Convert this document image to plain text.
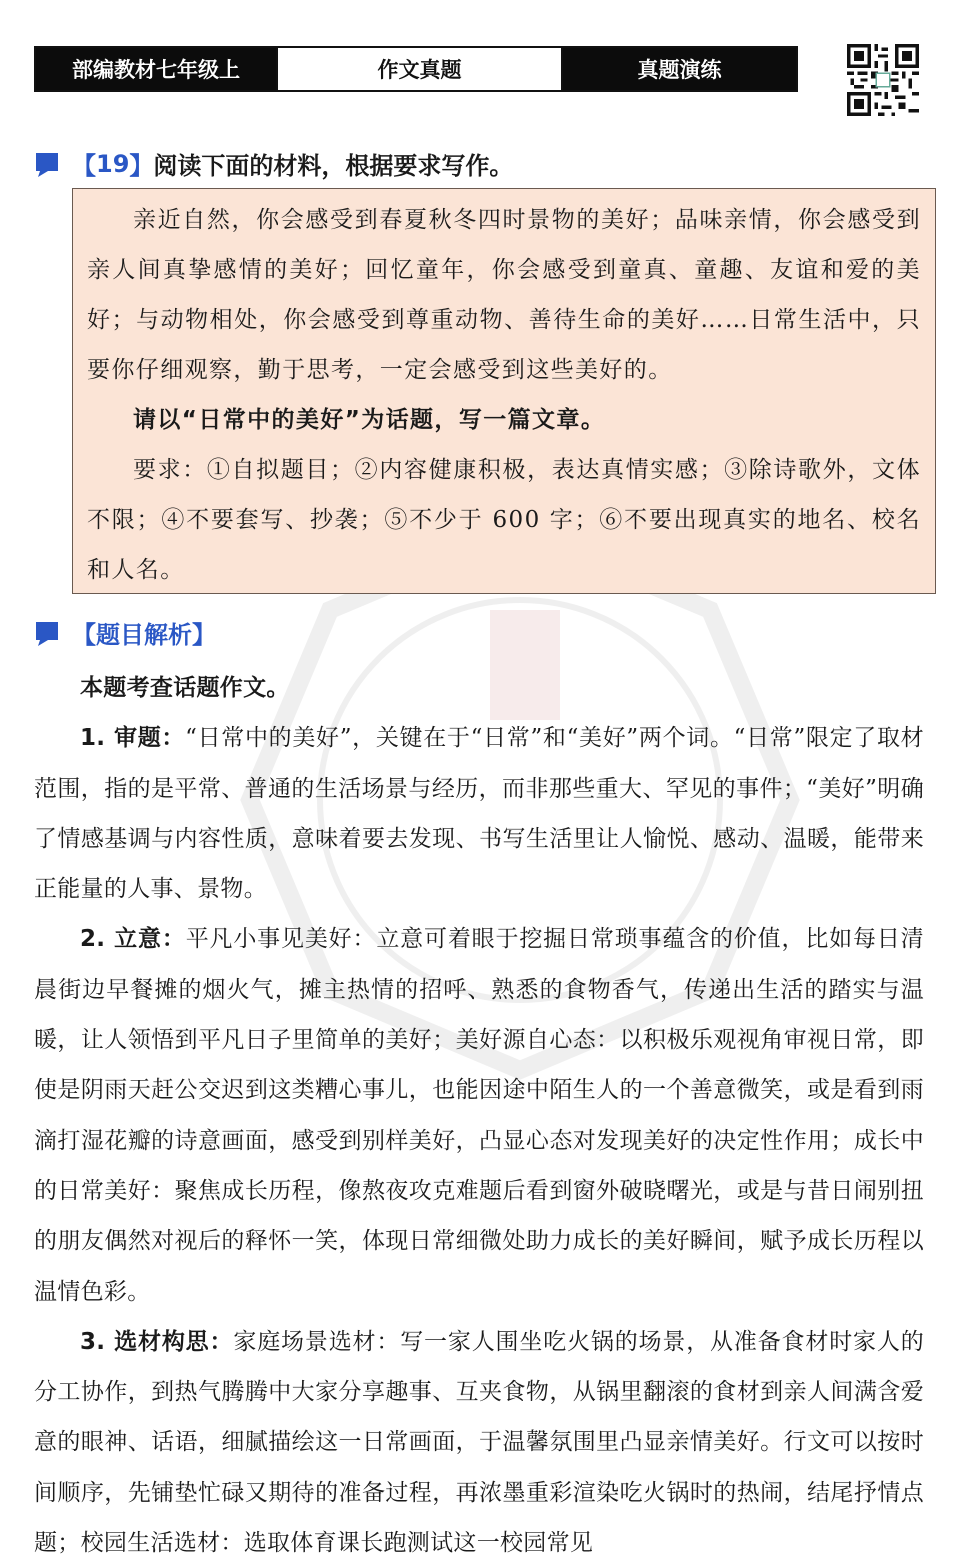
部编教材七年级上	作文真题	真题演练
【 19 】 阅读下面的材料，根据要求写作。

亲近自然，你会感受到春夏秋冬四时景物的美好；品味亲情，你会感受到亲人间真挚感情的美好；回忆童年，你会感受到童真、童趣、友谊和爱的美好；与动物相处，你会感受到尊重动物、善待生命的美好……日常生活中，只要你仔细观察，勤于思考，一定会感受到这些美好的。

请以“日常中的美好”为话题，写一篇文章。

要求：①自拟题目；②内容健康积极，表达真情实感；③除诗歌外，文体不限；④不要套写、抄袭；⑤不少于 600 字；⑥不要出现真实的地名、校名和人名。

【 题目解析 】

本题考查话题作文。

1. 审题：“日常中的美好”，关键在于“日常”和“美好”两个词。“日常”限定了取材范围，指的是平常、普通的生活场景与经历，而非那些重大、罕见的事件；“美好”明确了情感基调与内容性质，意味着要去发现、书写生活里让人愉悦、感动、温暖，能带来正能量的人事、景物。

2. 立意：平凡小事见美好：立意可着眼于挖掘日常琐事蕴含的价值，比如每日清晨街边早餐摊的烟火气，摊主热情的招呼、熟悉的食物香气，传递出生活的踏实与温暖，让人领悟到平凡日子里简单的美好；美好源自心态：以积极乐观视角审视日常，即使是阴雨天赶公交迟到这类糟心事儿，也能因途中陌生人的一个善意微笑，或是看到雨滴打湿花瓣的诗意画面，感受到别样美好，凸显心态对发现美好的决定性作用；成长中的日常美好：聚焦成长历程，像熬夜攻克难题后看到窗外破晓曙光，或是与昔日闹别扭的朋友偶然对视后的释怀一笑，体现日常细微处助力成长的美好瞬间，赋予成长历程以温情色彩。

3. 选材构思：家庭场景选材：写一家人围坐吃火锅的场景，从准备食材时家人的分工协作，到热气腾腾中大家分享趣事、互夹食物，从锅里翻滚的食材到亲人间满含爱意的眼神、话语，细腻描绘这一日常画面，于温馨氛围里凸显亲情美好。行文可以按时间顺序，先铺垫忙碌又期待的准备过程，再浓墨重彩渲染吃火锅时的热闹，结尾抒情点题；校园生活选材：选取体育课长跑测试这一校园常见
